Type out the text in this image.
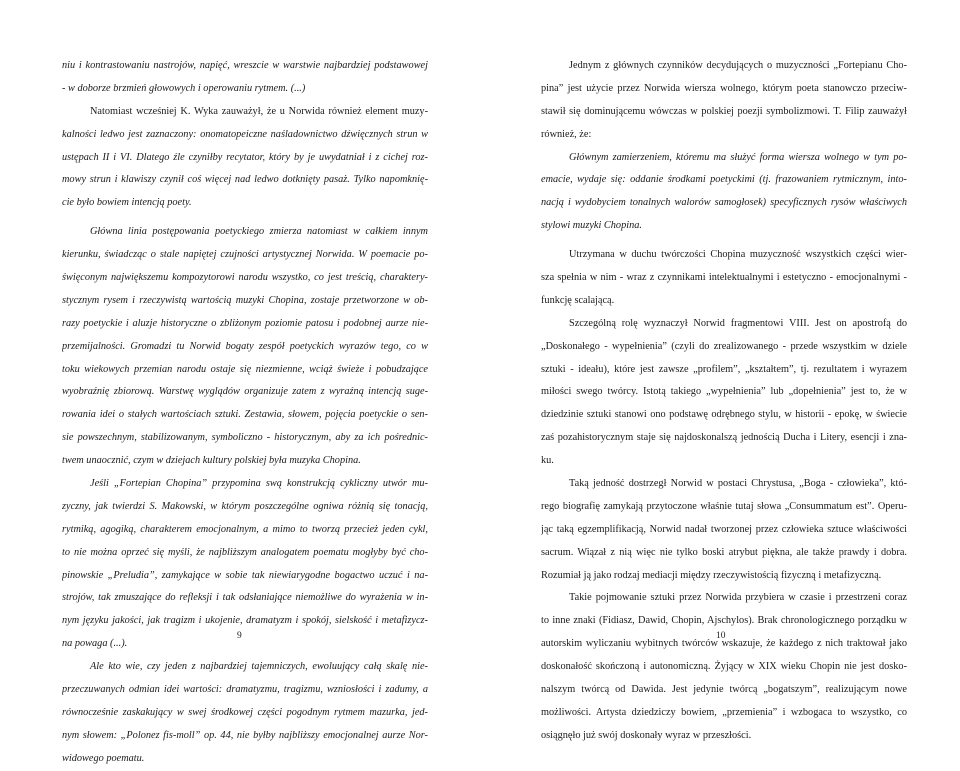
niu i kontrastowaniu nastrojów, napięć, wreszcie w warstwie najbardziej podstawowej
- w doborze brzmień głowowych i operowaniu rytmem. (...)
Natomiast wcześniej K. Wyka zauważył, że u Norwida również element muzy-
kalności ledwo jest zaznaczony: onomatopeiczne naśladownictwo dźwięcznych strun w
ustępach II i VI. Dlatego źle czyniłby recytator, który by je uwydatniał i z cichej roz-
mowy strun i klawiszy czynił coś więcej nad ledwo dotknięty pasaż. Tylko napomknię-
cie było bowiem intencją poety.
Główna linia postępowania poetyckiego zmierza natomiast w całkiem innym
kierunku, świadcząc o stale napiętej czujności artystycznej Norwida. W poemacie po-
święconym największemu kompozytorowi narodu wszystko, co jest treścią, charaktery-
stycznym rysem i rzeczywistą wartością muzyki Chopina, zostaje przetworzone w ob-
razy poetyckie i aluzje historyczne o zbliżonym poziomie patosu i podobnej aurze nie-
przemijalności. Gromadzi tu Norwid bogaty zespół poetyckich wyrazów tego, co w
toku wiekowych przemian narodu ostaje się niezmienne, wciąż świeże i pobudzające
wyobraźnię zbiorową. Warstwę wyglądów organizuje zatem z wyraźną intencją suge-
rowania idei o stałych wartościach sztuki. Zestawia, słowem, pojęcia poetyckie o sen-
sie powszechnym, stabilizowanym, symboliczno - historycznym, aby za ich pośrednic-
twem unaocznić, czym w dziejach kultury polskiej była muzyka Chopina.
Jeśli „Fortepian Chopina” przypomina swą konstrukcją cykliczny utwór mu-
zyczny, jak twierdzi S. Makowski, w którym poszczególne ogniwa różnią się tonacją,
rytmiką, agogiką, charakterem emocjonalnym, a mimo to tworzą przecież jeden cykl,
to nie można oprzeć się myśli, że najbliższym analogatem poematu mogłyby być cho-
pinowskie „Preludia”, zamykające w sobie tak niewiarygodne bogactwo uczuć i na-
strojów, tak zmuszające do refleksji i tak odsłaniające niemożliwe do wyrażenia w in-
nym języku jakości, jak tragizm i ukojenie, dramatyzm i spokój, sielskość i metafizycz-
na powaga (...).
Ale kto wie, czy jeden z najbardziej tajemniczych, ewoluujący całą skalę nie-
przeczuwanych odmian idei wartości: dramatyzmu, tragizmu, wzniosłości i zadumy, a
równocześnie zaskakujący w swej środkowej części pogodnym rytmem mazurka, jed-
nym słowem: „Polonez fis-moll” op. 44, nie byłby najbliższy emocjonalnej aurze Nor-
widowego poematu.
Jednym z głównych czynników decydujących o muzyczności „Fortepianu Cho-
pina” jest użycie przez Norwida wiersza wolnego, którym poeta stanowczo przeciw-
stawił się dominującemu wówczas w polskiej poezji symbolizmowi. T. Filip zauważył
również, że:
Głównym zamierzeniem, któremu ma służyć forma wiersza wolnego w tym po-
emacie, wydaje się: oddanie środkami poetyckimi (tj. frazowaniem rytmicznym, into-
nacją i wydobyciem tonalnych walorów samogłosek) specyficznych rysów właściwych
stylowi muzyki Chopina.
Utrzymana w duchu twórczości Chopina muzyczność wszystkich części wier-
sza spełnia w nim - wraz z czynnikami intelektualnymi i estetyczno - emocjonalnymi -
funkcję scalającą.
Szczególną rolę wyznaczył Norwid fragmentowi VIII. Jest on apostrofą do
„Doskonałego - wypełnienia” (czyli do zrealizowanego - przede wszystkim w dziele
sztuki - ideału), które jest zawsze „profilem”, „kształtem”, tj. rezultatem i wyrazem
miłości swego twórcy. Istotą takiego „wypełnienia” lub „dopełnienia” jest to, że w
dziedzinie sztuki stanowi ono podstawę odrębnego stylu, w historii - epokę, w świecie
zaś pozahistorycznym staje się najdoskonalszą jednością Ducha i Litery, esencji i zna-
ku.
Taką jedność dostrzegł Norwid w postaci Chrystusa, „Boga - człowieka”, któ-
rego biografię zamykają przytoczone właśnie tutaj słowa „Consummatum est”. Operu-
jąc taką egzemplifikacją, Norwid nadał tworzonej przez człowieka sztuce właściwości
sacrum. Wiązał z nią więc nie tylko boski atrybut piękna, ale także prawdy i dobra.
Rozumiał ją jako rodzaj mediacji między rzeczywistością fizyczną i metafizyczną.
Takie pojmowanie sztuki przez Norwida przybiera w czasie i przestrzeni coraz
to inne znaki (Fidiasz, Dawid, Chopin, Ajschylos). Brak chronologicznego porządku w
autorskim wyliczaniu wybitnych twórców wskazuje, że każdego z nich traktował jako
doskonałość skończoną i autonomiczną. Żyjący w XIX wieku Chopin nie jest dosko-
nalszym twórcą od Dawida. Jest jedynie twórcą „bogatszym”, realizującym nowe
możliwości. Artysta dziedziczy bowiem, „przemienia” i wzbogaca to wszystko, co
osiągnęło już swój doskonały wyraz w przeszłości.
9	10
